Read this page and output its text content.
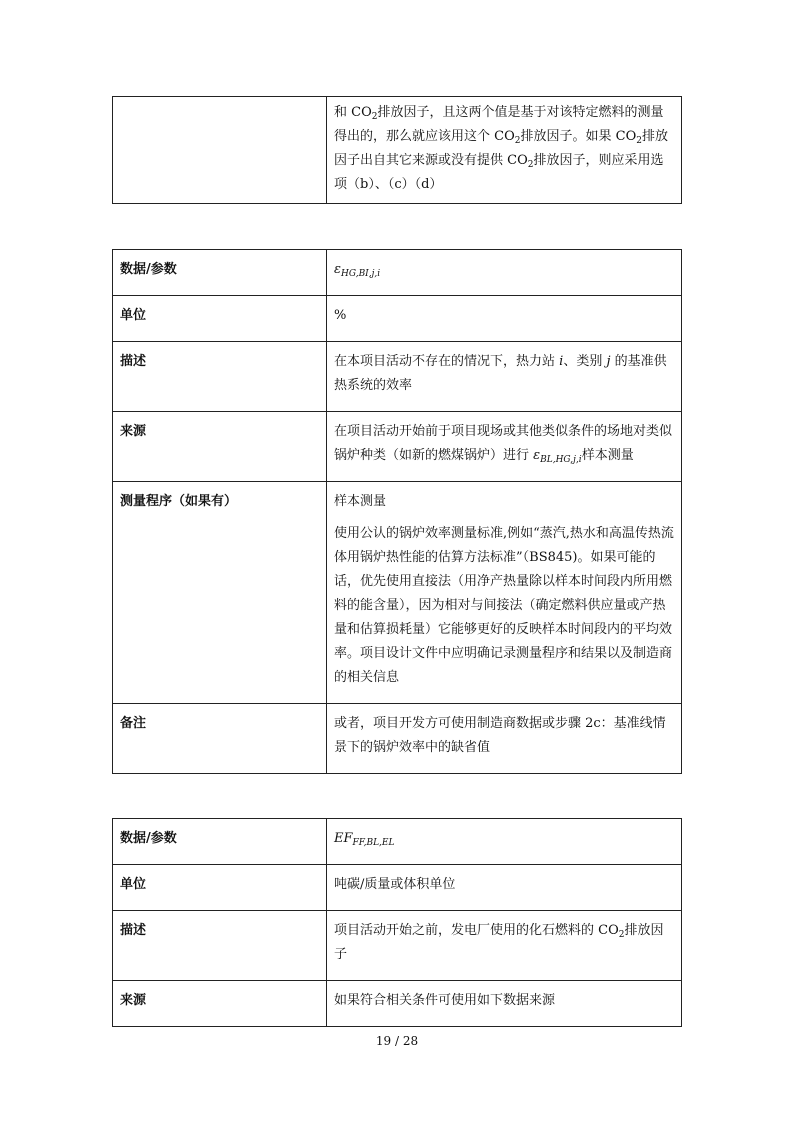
	和 $CO_2$排放因子，且这两个值是基于对该特定燃料的测量得出的，那么就应该用这个 $CO_2$排放因子。如果 $CO_2$排放因子出自其它来源或没有提供 $CO_2$排放因子，则应采用选项（b）、（c）（d）
数据/参数	$\varepsilon_{HG,BI,j,i}$
单位	%
描述	在本项目活动不存在的情况下，热力站 i、类别 j 的基准供热系统的效率
来源	在项目活动开始前于项目现场或其他类似条件的场地对类似锅炉种类（如新的燃煤锅炉）进行 $\varepsilon_{BL,HG,j,i}$样本测量
测量程序（如果有）	样本测量

使用公认的锅炉效率测量标准,例如“蒸汽,热水和高温传热流体用锅炉热性能的估算方法标准”（BS845)。如果可能的话，优先使用直接法（用净产热量除以样本时间段内所用燃料的能含量），因为相对与间接法（确定燃料供应量或产热量和估算损耗量）它能够更好的反映样本时间段内的平均效率。项目设计文件中应明确记录测量程序和结果以及制造商的相关信息

备注	或者，项目开发方可使用制造商数据或步骤 2c：基准线情景下的锅炉效率中的缺省值
数据/参数	$EF_{FF,BL,EL}$
单位	吨碳/质量或体积单位
描述	项目活动开始之前，发电厂使用的化石燃料的 $CO_2$排放因子
来源	如果符合相关条件可使用如下数据来源
19 / 28
